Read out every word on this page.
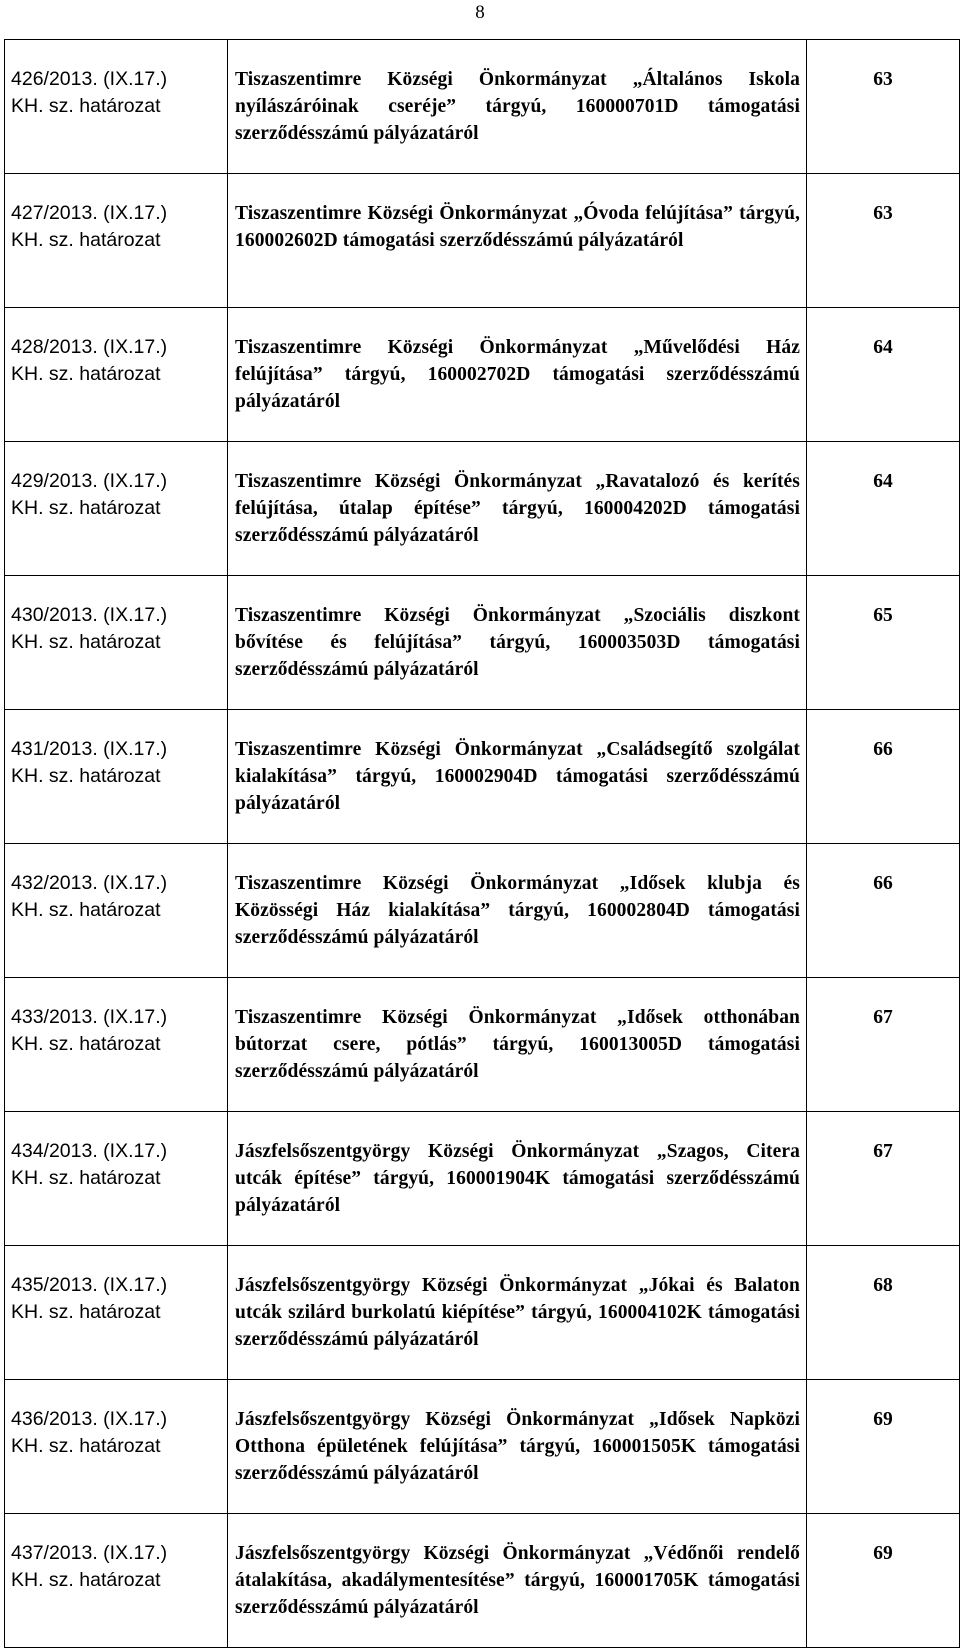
8
426/2013. (IX.17.)
KH. sz. határozat	Tiszaszentimre Községi Önkormányzat „Általános Iskola nyílászáróinak cseréje” tárgyú, 160000701D támogatási szerződésszámú pályázatáról	63

427/2013. (IX.17.)
KH. sz. határozat	Tiszaszentimre Községi Önkormányzat „Óvoda felújítása” tárgyú, 160002602D támogatási szerződésszámú pályázatáról	63

428/2013. (IX.17.)
KH. sz. határozat	Tiszaszentimre Községi Önkormányzat „Művelődési Ház felújítása” tárgyú, 160002702D támogatási szerződésszámú pályázatáról	64

429/2013. (IX.17.)
KH. sz. határozat	Tiszaszentimre Községi Önkormányzat „Ravatalozó és kerítés felújítása, útalap építése” tárgyú, 160004202D támogatási szerződésszámú pályázatáról	64

430/2013. (IX.17.)
KH. sz. határozat	Tiszaszentimre Községi Önkormányzat „Szociális diszkont bővítése és felújítása” tárgyú, 160003503D támogatási szerződésszámú pályázatáról	65

431/2013. (IX.17.)
KH. sz. határozat	Tiszaszentimre Községi Önkormányzat „Családsegítő szolgálat kialakítása” tárgyú, 160002904D támogatási szerződésszámú pályázatáról	66

432/2013. (IX.17.)
KH. sz. határozat	Tiszaszentimre Községi Önkormányzat „Idősek klubja és Közösségi Ház kialakítása” tárgyú, 160002804D támogatási szerződésszámú pályázatáról	66

433/2013. (IX.17.)
KH. sz. határozat	Tiszaszentimre Községi Önkormányzat „Idősek otthonában bútorzat csere, pótlás” tárgyú, 160013005D támogatási szerződésszámú pályázatáról	67

434/2013. (IX.17.)
KH. sz. határozat	Jászfelsőszentgyörgy Községi Önkormányzat „Szagos, Citera utcák építése” tárgyú, 160001904K támogatási szerződésszámú pályázatáról	67

435/2013. (IX.17.)
KH. sz. határozat	Jászfelsőszentgyörgy Községi Önkormányzat „Jókai és Balaton utcák szilárd burkolatú kiépítése” tárgyú, 160004102K támogatási szerződésszámú pályázatáról	68

436/2013. (IX.17.)
KH. sz. határozat	Jászfelsőszentgyörgy Községi Önkormányzat „Idősek Napközi Otthona épületének felújítása” tárgyú, 160001505K támogatási szerződésszámú pályázatáról	69

437/2013. (IX.17.)
KH. sz. határozat	Jászfelsőszentgyörgy Községi Önkormányzat „Védőnői rendelő átalakítása, akadálymentesítése” tárgyú, 160001705K támogatási szerződésszámú pályázatáról	69
